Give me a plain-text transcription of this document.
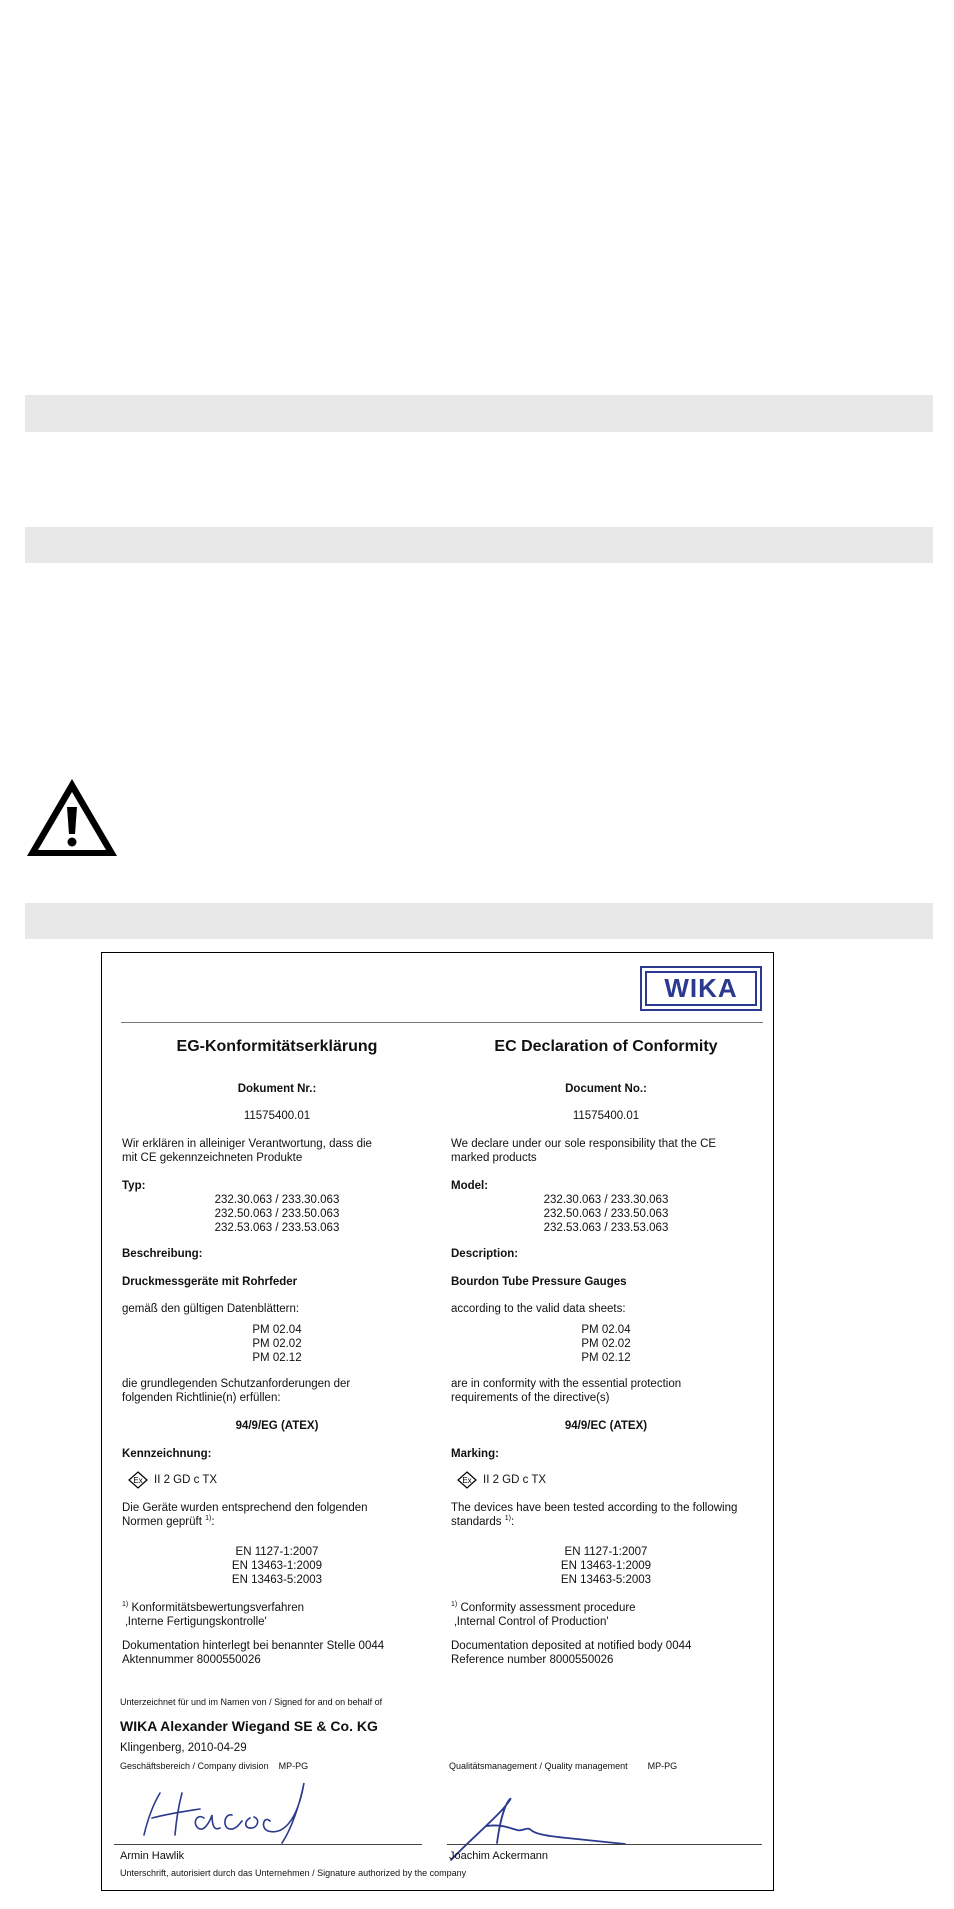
WIKA
EG-Konformitätserklärung
Dokument Nr.:
11575400.01
Wir erklären in alleiniger Verantwortung, dass die
mit CE gekennzeichneten Produkte
Typ:
232.30.063 / 233.30.063
232.50.063 / 233.50.063
232.53.063 / 233.53.063
Beschreibung:
Druckmessgeräte mit Rohrfeder
gemäß den gültigen Datenblättern:
PM 02.04
PM 02.02
PM 02.12
die grundlegenden Schutzanforderungen der
folgenden Richtlinie(n) erfüllen:
94/9/EG (ATEX)
Kennzeichnung:
Ex II 2 GD c TX
Die Geräte wurden entsprechend den folgenden
Normen geprüft $^{1)}$:
EN 1127-1:2007
EN 13463-1:2009
EN 13463-5:2003
$^{1)}$ Konformitätsbewertungsverfahren
‚Interne Fertigungskontrolle'
Dokumentation hinterlegt bei benannter Stelle 0044
Aktennummer 8000550026
EC Declaration of Conformity
Document No.:
11575400.01
We declare under our sole responsibility that the CE
marked products
Model:
232.30.063 / 233.30.063
232.50.063 / 233.50.063
232.53.063 / 233.53.063
Description:
Bourdon Tube Pressure Gauges
according to the valid data sheets:
PM 02.04
PM 02.02
PM 02.12
are in conformity with the essential protection
requirements of the directive(s)
94/9/EC (ATEX)
Marking:
Ex II 2 GD c TX
The devices have been tested according to the following
standards $^{1)}$:
EN 1127-1:2007
EN 13463-1:2009
EN 13463-5:2003
$^{1)}$ Conformity assessment procedure
‚Internal Control of Production'
Documentation deposited at notified body 0044
Reference number 8000550026
Unterzeichnet für und im Namen von / Signed for and on behalf of
WIKA Alexander Wiegand SE & Co. KG
Klingenberg, 2010-04-29
Geschäftsbereich / Company division MP-PG	Qualitätsmanagement / Quality management MP-PG
Armin Hawlik	Joachim Ackermann
Unterschrift, autorisiert durch das Unternehmen / Signature authorized by the company
